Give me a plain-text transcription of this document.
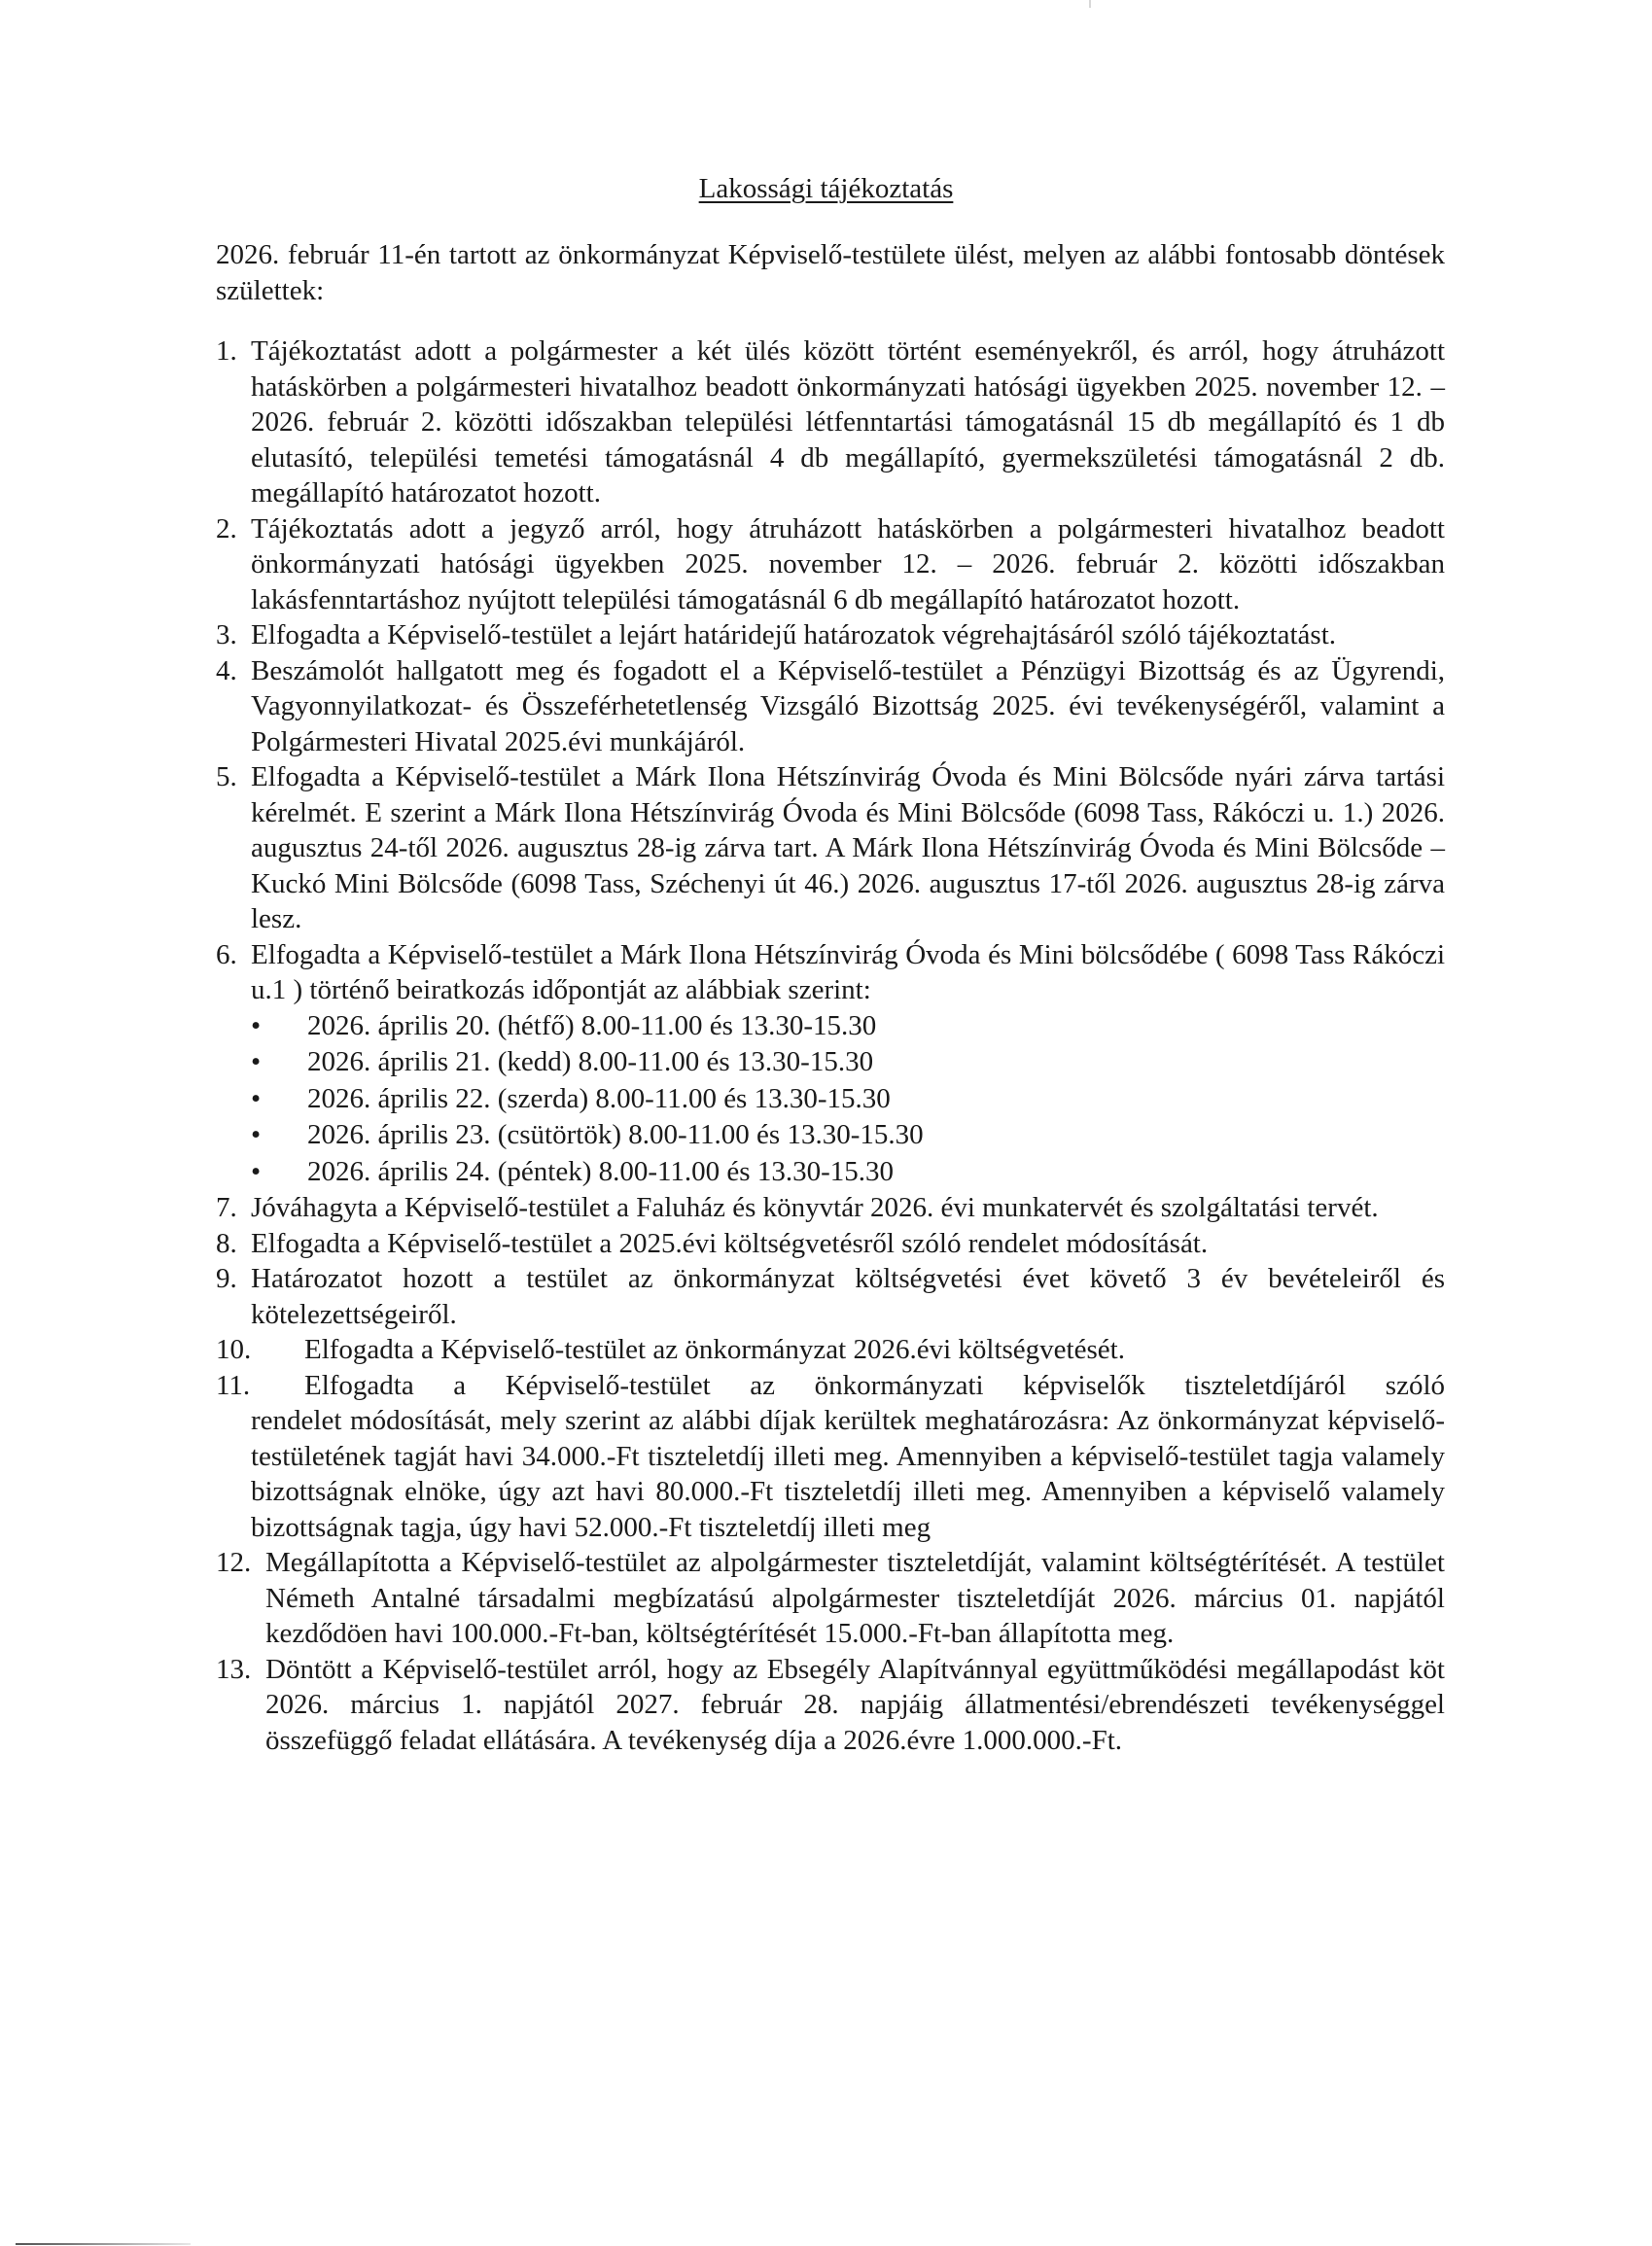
Lakossági tájékoztatás
2026. február 11-én tartott az önkormányzat Képviselő-testülete ülést, melyen az alábbi fontosabb döntések születtek:
1. Tájékoztatást adott a polgármester a két ülés között történt eseményekről, és arról, hogy átruházott hatáskörben a polgármesteri hivatalhoz beadott önkormányzati hatósági ügyekben 2025. november 12. – 2026. február 2. közötti időszakban települési létfenntartási támogatásnál 15 db megállapító és 1 db elutasító, települési temetési támogatásnál 4 db megállapító, gyermekszületési támogatásnál 2 db. megállapító határozatot hozott.
2. Tájékoztatás adott a jegyző arról, hogy átruházott hatáskörben a polgármesteri hivatalhoz beadott önkormányzati hatósági ügyekben 2025. november 12. – 2026. február 2. közötti időszakban lakásfenntartáshoz nyújtott települési támogatásnál 6 db megállapító határozatot hozott.
3. Elfogadta a Képviselő-testület a lejárt határidejű határozatok végrehajtásáról szóló tájékoztatást.
4. Beszámolót hallgatott meg és fogadott el a Képviselő-testület a Pénzügyi Bizottság és az Ügyrendi, Vagyonnyilatkozat- és Összeférhetetlenség Vizsgáló Bizottság 2025. évi tevékenységéről, valamint a Polgármesteri Hivatal 2025.évi munkájáról.
5. Elfogadta a Képviselő-testület a Márk Ilona Hétszínvirág Óvoda és Mini Bölcsőde nyári zárva tartási kérelmét. E szerint a Márk Ilona Hétszínvirág Óvoda és Mini Bölcsőde (6098 Tass, Rákóczi u. 1.) 2026. augusztus 24-től 2026. augusztus 28-ig zárva tart. A Márk Ilona Hétszínvirág Óvoda és Mini Bölcsőde – Kuckó Mini Bölcsőde (6098 Tass, Széchenyi út 46.) 2026. augusztus 17-től 2026. augusztus 28-ig zárva lesz.
6. Elfogadta a Képviselő-testület a Márk Ilona Hétszínvirág Óvoda és Mini bölcsődébe ( 6098 Tass Rákóczi u.1 ) történő beiratkozás időpontját az alábbiak szerint:
• 2026. április 20. (hétfő) 8.00-11.00 és 13.30-15.30
• 2026. április 21. (kedd) 8.00-11.00 és 13.30-15.30
• 2026. április 22. (szerda) 8.00-11.00 és 13.30-15.30
• 2026. április 23. (csütörtök) 8.00-11.00 és 13.30-15.30
• 2026. április 24. (péntek) 8.00-11.00 és 13.30-15.30
7. Jóváhagyta a Képviselő-testület a Faluház és könyvtár 2026. évi munkatervét és szolgáltatási tervét.
8. Elfogadta a Képviselő-testület a 2025.évi költségvetésről szóló rendelet módosítását.
9. Határozatot hozott a testület az önkormányzat költségvetési évet követő 3 év bevételeiről és kötelezettségeiről.
10. Elfogadta a Képviselő-testület az önkormányzat 2026.évi költségvetését.
11. Elfogadta a Képviselő-testület az önkormányzati képviselők tiszteletdíjáról szóló
rendelet módosítását, mely szerint az alábbi díjak kerültek meghatározásra: Az önkormányzat képviselő-testületének tagját havi 34.000.-Ft tiszteletdíj illeti meg. Amennyiben a képviselő-testület tagja valamely bizottságnak elnöke, úgy azt havi 80.000.-Ft tiszteletdíj illeti meg. Amennyiben a képviselő valamely bizottságnak tagja, úgy havi 52.000.-Ft tiszteletdíj illeti meg
12. Megállapította a Képviselő-testület az alpolgármester tiszteletdíját, valamint költségtérítését. A testület Németh Antalné társadalmi megbízatású alpolgármester tiszteletdíját 2026. március 01. napjától kezdődöen havi 100.000.-Ft-ban, költségtérítését 15.000.-Ft-ban állapította meg.
13. Döntött a Képviselő-testület arról, hogy az Ebsegély Alapítvánnyal együttműködési megállapodást köt 2026. március 1. napjától 2027. február 28. napjáig állatmentési/ebrendészeti tevékenységgel összefüggő feladat ellátására. A tevékenység díja a 2026.évre 1.000.000.-Ft.
